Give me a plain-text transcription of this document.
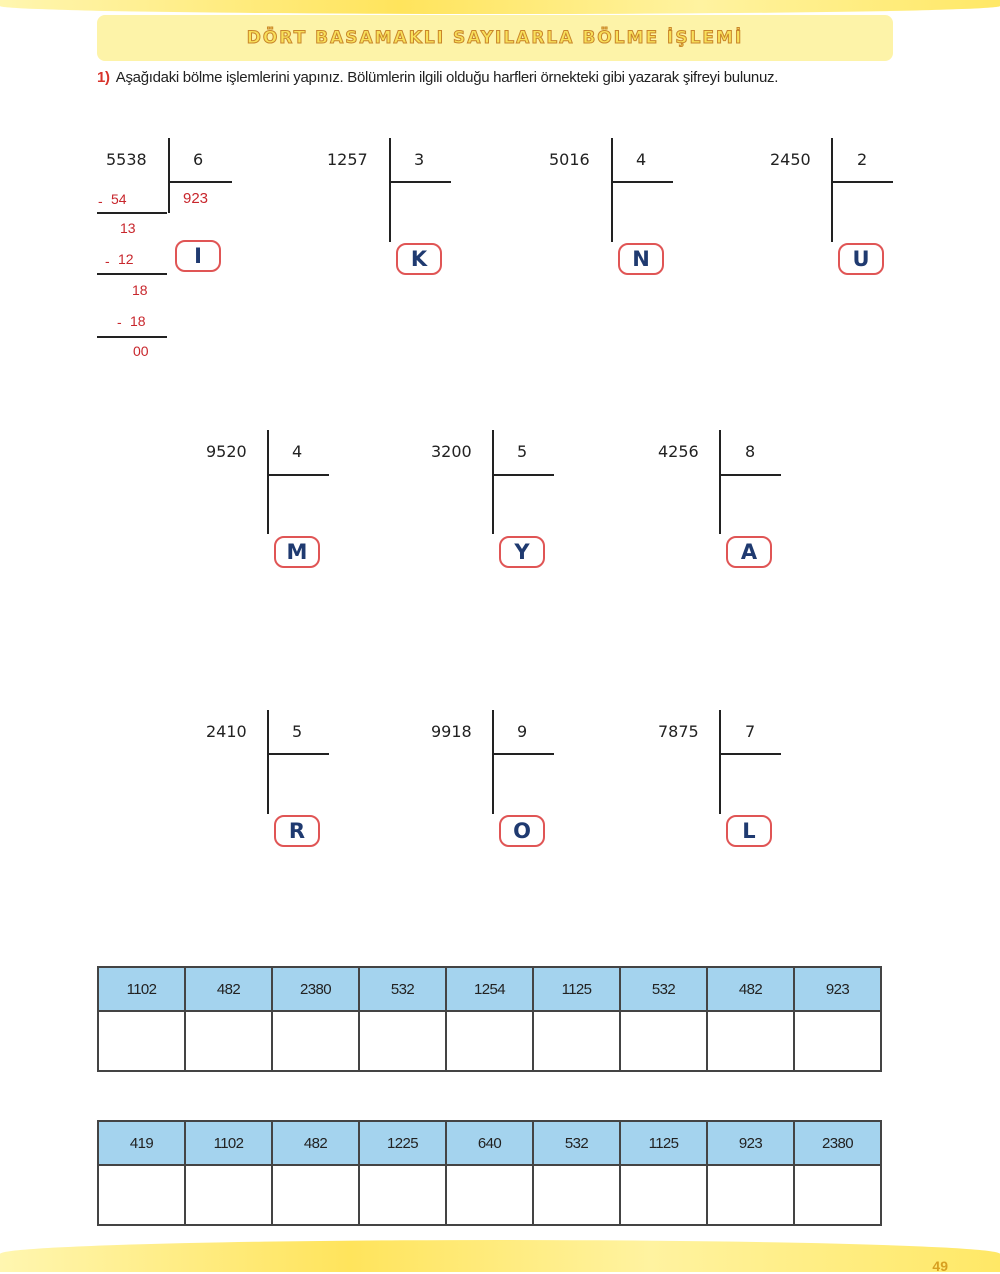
DÖRT BASAMAKLI SAYILARLA BÖLME İŞLEMİ
1) Aşağıdaki bölme işlemlerini yapınız. Bölümlerin ilgili olduğu harfleri örnekteki gibi yazarak şifreyi bulunuz.
5538	6
923
- 54
13
- 12
18
- 18
00
I
1257	3
K
5016	4
N
2450	2
U
9520	4
M
3200	5
Y
4256	8
A
2410	5
R
9918	9
O
7875	7
L
1102	482	2380	532	1254	1125	532	482	923

419	1102	482	1225	640	532	1125	923	2380

49
